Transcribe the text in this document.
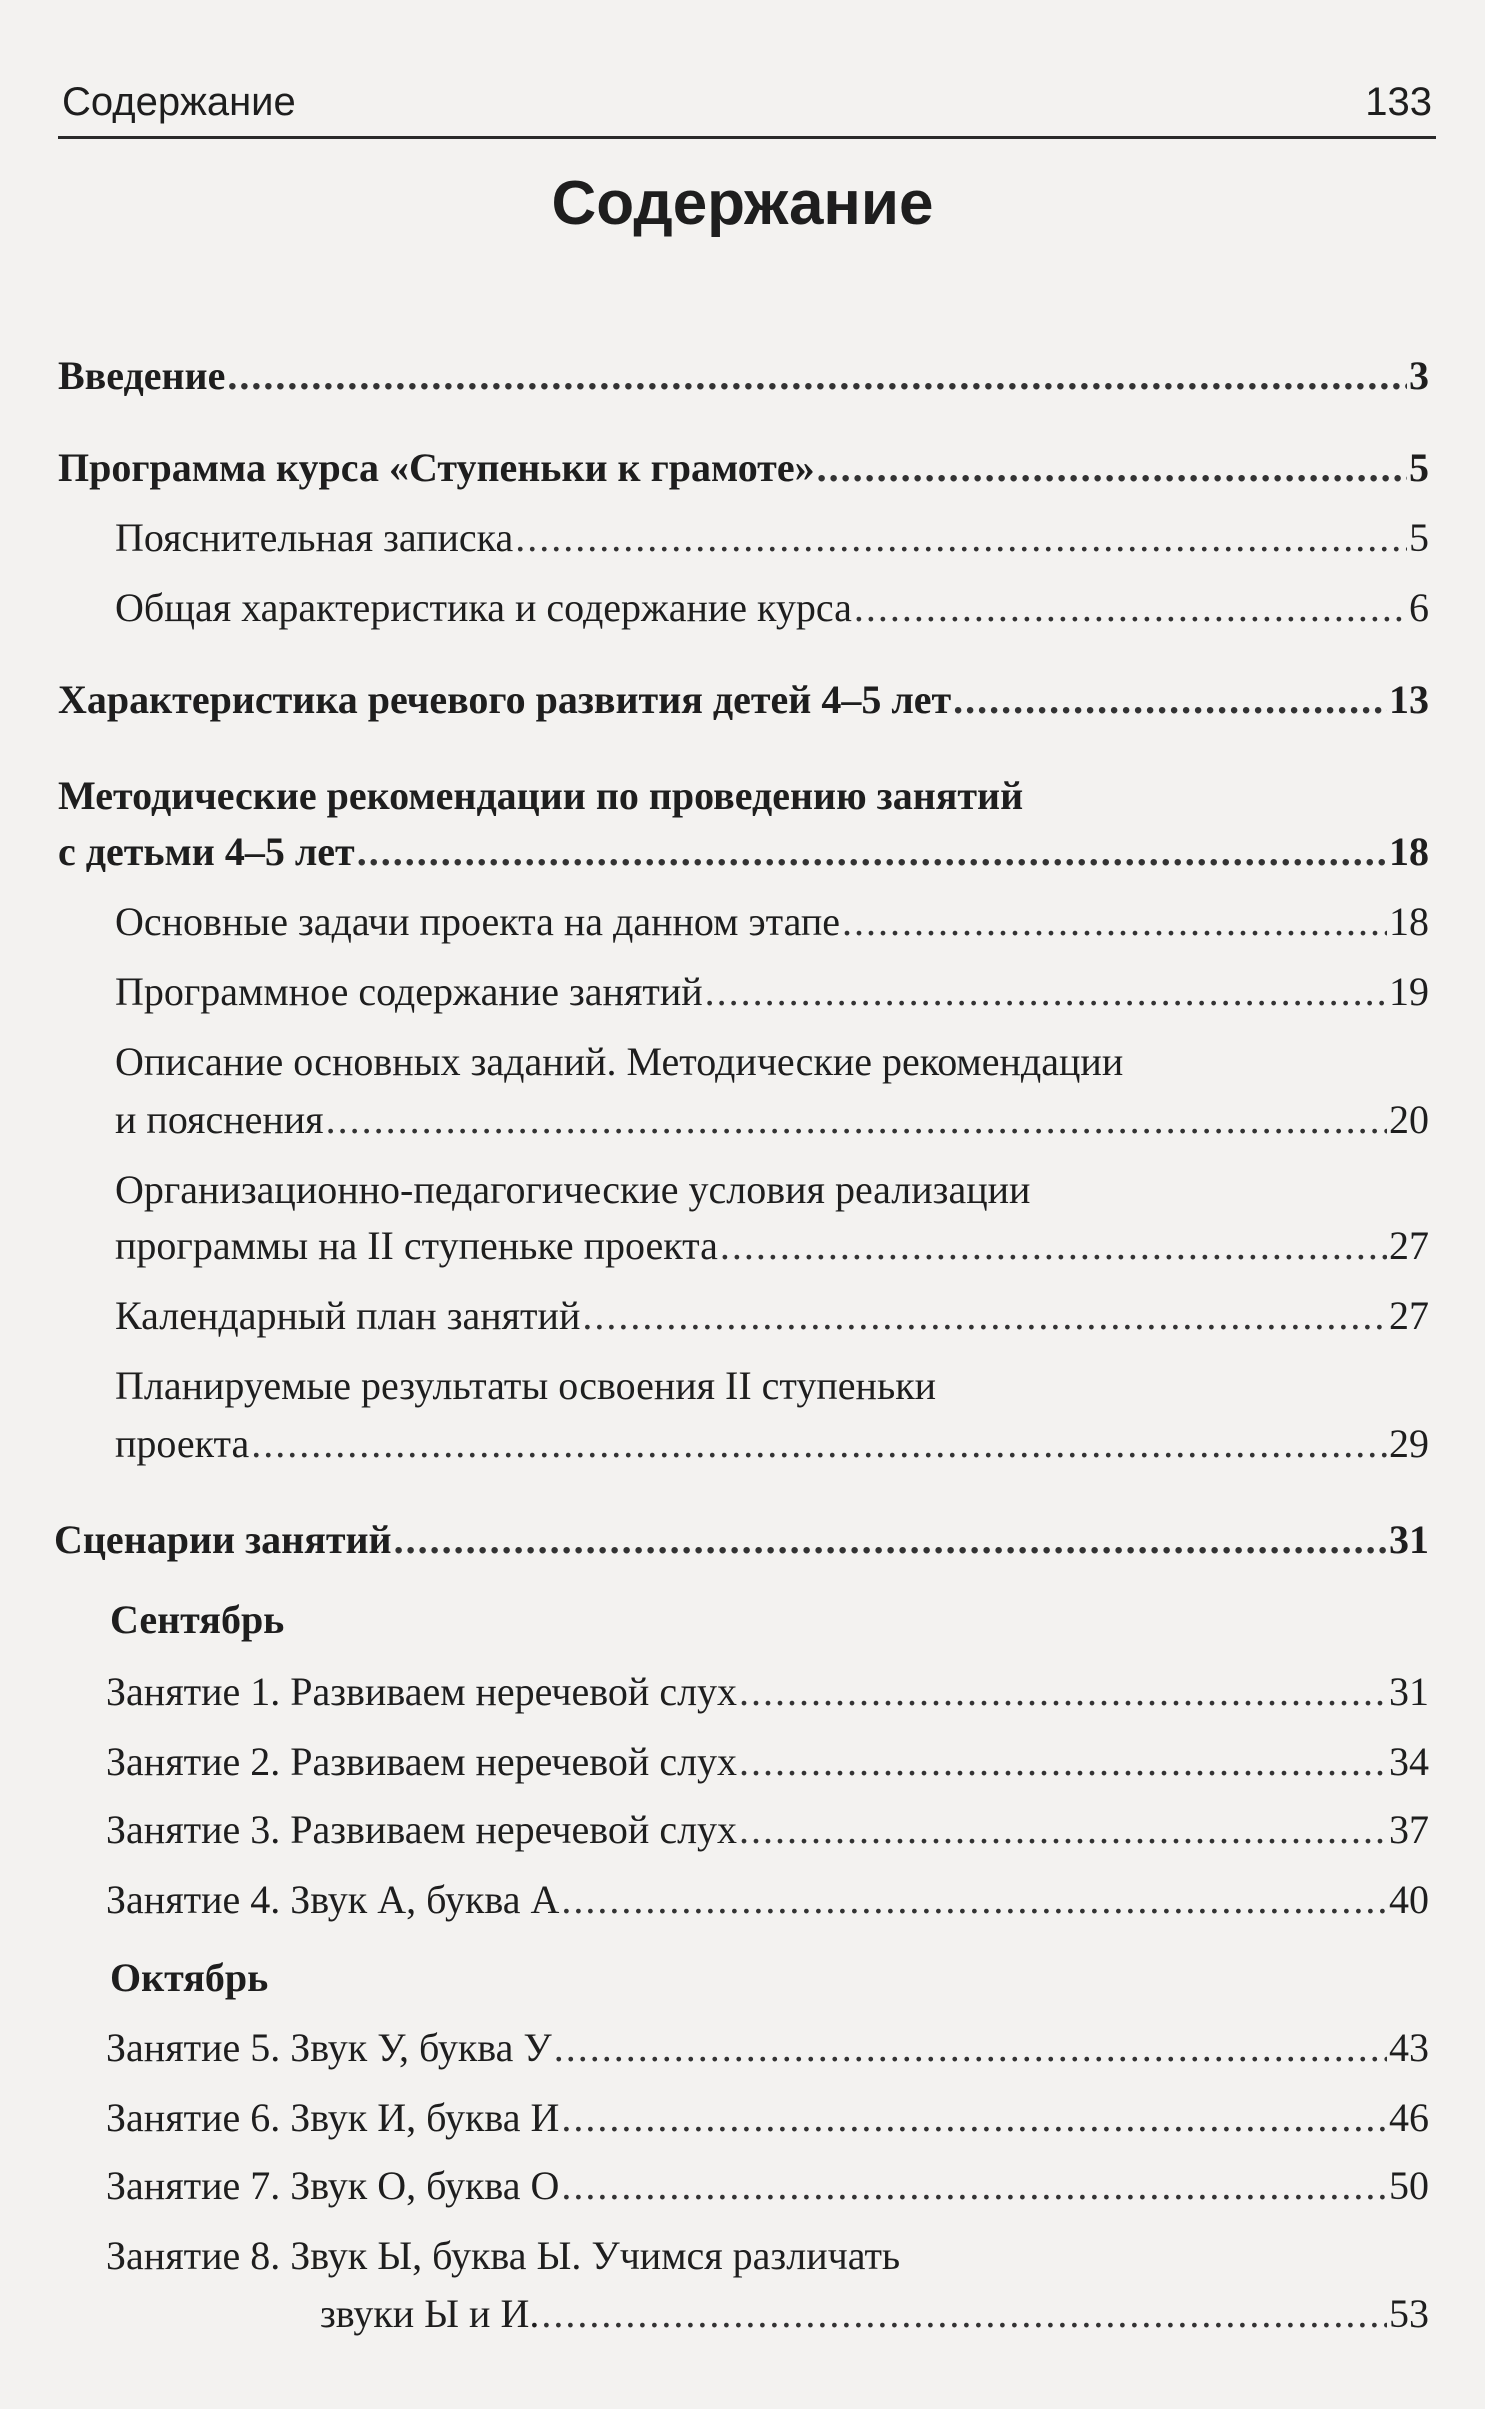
Содержание	133
Содержание
Введение .....	3
Программа курса «Ступеньки к грамоте» .....	5
Пояснительная записка .....	5
Общая характеристика и содержание курса .....	6
Характеристика речевого развития детей 4–5 лет .....	13
Методические рекомендации по проведению занятий
с детьми 4–5 лет .....	18
Основные задачи проекта на данном этапе .....	18
Программное содержание занятий .....	19
Описание основных заданий. Методические рекомендации
и пояснения .....	20
Организационно-педагогические условия реализации
программы на II ступеньке проекта .....	27
Календарный план занятий .....	27
Планируемые результаты освоения II ступеньки
проекта .....	29
Сценарии занятий .....	31
Сентябрь
Занятие 1. Развиваем неречевой слух .....	31
Занятие 2. Развиваем неречевой слух .....	34
Занятие 3. Развиваем неречевой слух .....	37
Занятие 4. Звук А, буква А .....	40
Октябрь
Занятие 5. Звук У, буква У .....	43
Занятие 6. Звук И, буква И .....	46
Занятие 7. Звук О, буква О .....	50
Занятие 8. Звук Ы, буква Ы. Учимся различать
звуки Ы и И. .....	53
